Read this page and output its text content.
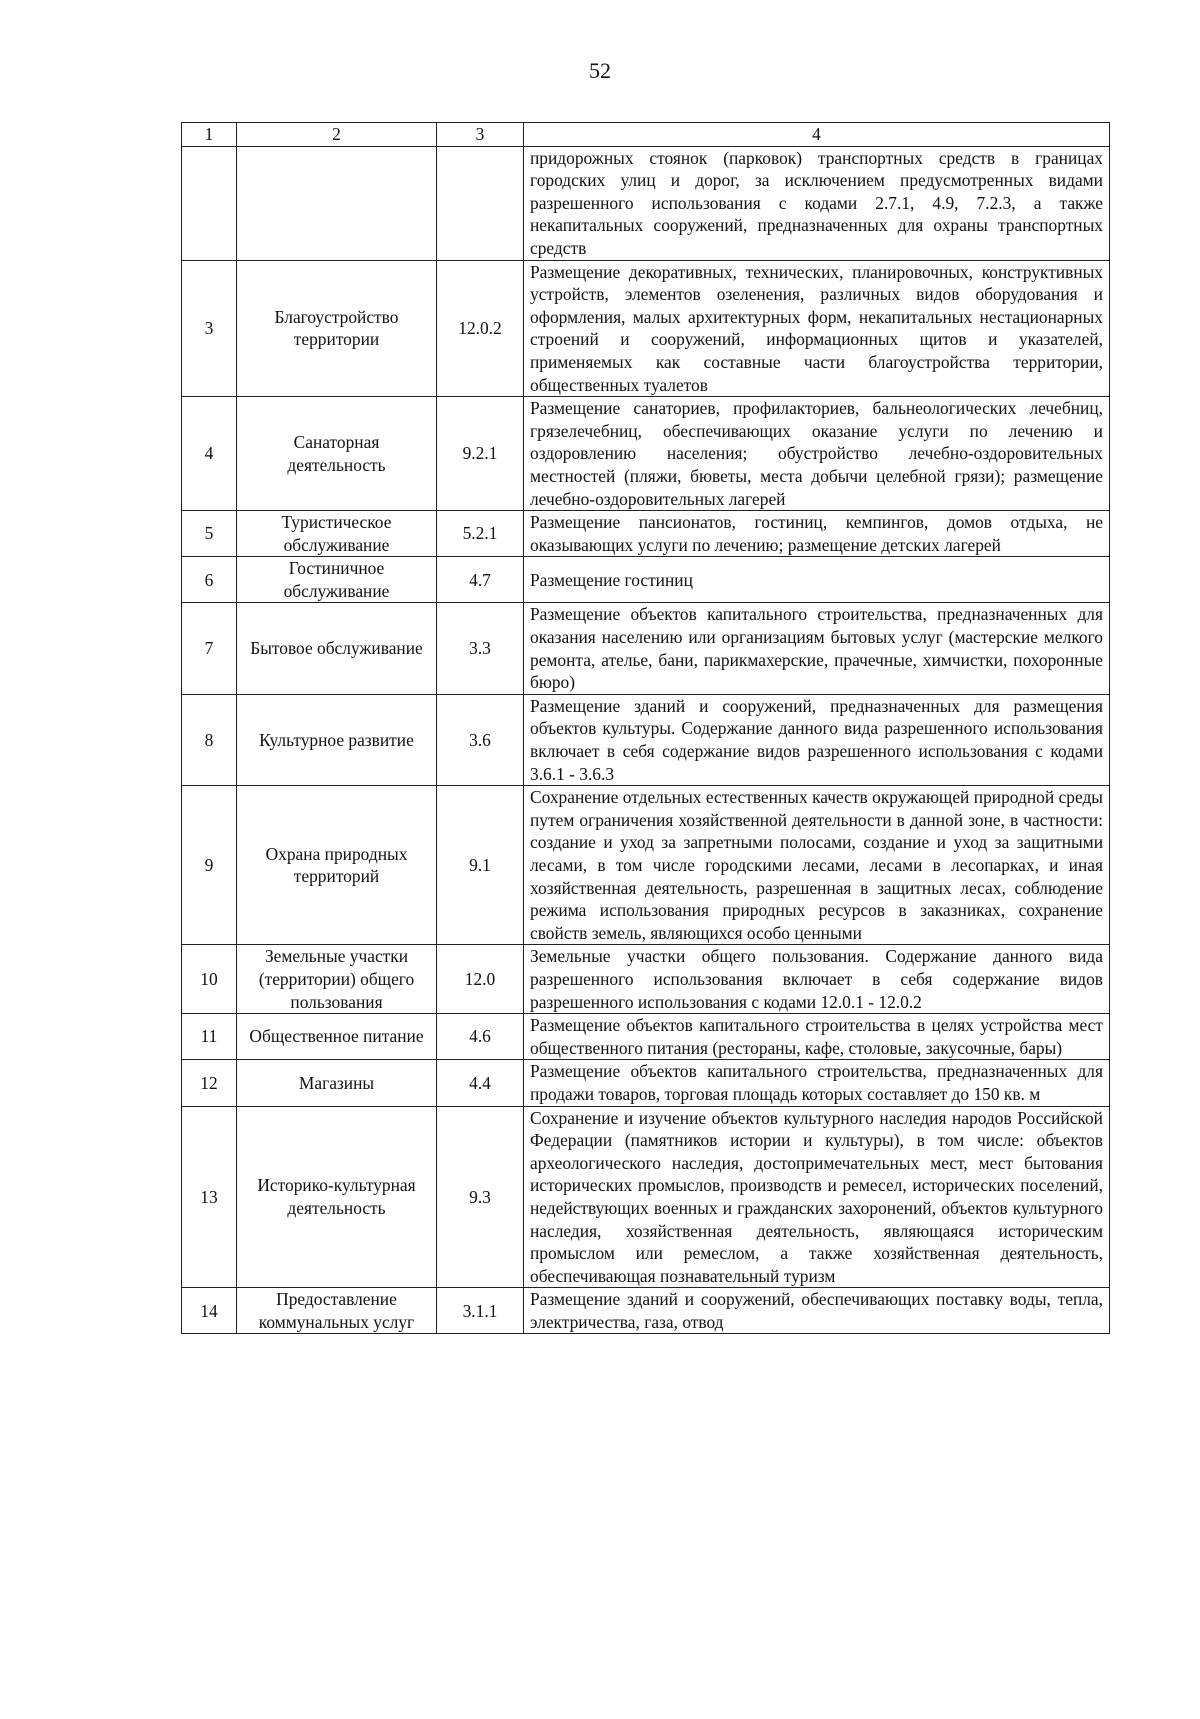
52
1	2	3	4
			придорожных стоянок (парковок) транспортных средств в границах городских улиц и дорог, за исключением предусмотренных видами разрешенного использования с кодами 2.7.1, 4.9, 7.2.3, а также некапитальных сооружений, предназначенных для охраны транспортных средств
3	Благоустройство территории	12.0.2	Размещение декоративных, технических, планировочных, конструктивных устройств, элементов озеленения, различных видов оборудования и оформления, малых архитектурных форм, некапитальных нестационарных строений и сооружений, информационных щитов и указателей, применяемых как составные части благоустройства территории, общественных туалетов
4	Санаторная деятельность	9.2.1	Размещение санаториев, профилакториев, бальнеологических лечебниц, грязелечебниц, обеспечивающих оказание услуги по лечению и оздоровлению населения; обустройство лечебно-оздоровительных местностей (пляжи, бюветы, места добычи целебной грязи); размещение лечебно-оздоровительных лагерей
5	Туристическое обслуживание	5.2.1	Размещение пансионатов, гостиниц, кемпингов, домов отдыха, не оказывающих услуги по лечению; размещение детских лагерей
6	Гостиничное обслуживание	4.7	Размещение гостиниц
7	Бытовое обслуживание	3.3	Размещение объектов капитального строительства, предназначенных для оказания населению или организациям бытовых услуг (мастерские мелкого ремонта, ателье, бани, парикмахерские, прачечные, химчистки, похоронные бюро)
8	Культурное развитие	3.6	Размещение зданий и сооружений, предназначенных для размещения объектов культуры. Содержание данного вида разрешенного использования включает в себя содержание видов разрешенного использования с кодами 3.6.1 - 3.6.3
9	Охрана природных территорий	9.1	Сохранение отдельных естественных качеств окружающей природной среды путем ограничения хозяйственной деятельности в данной зоне, в частности: создание и уход за запретными полосами, создание и уход за защитными лесами, в том числе городскими лесами, лесами в лесопарках, и иная хозяйственная деятельность, разрешенная в защитных лесах, соблюдение режима использования природных ресурсов в заказниках, сохранение свойств земель, являющихся особо ценными
10	Земельные участки (территории) общего пользования	12.0	Земельные участки общего пользования. Содержание данного вида разрешенного использования включает в себя содержание видов разрешенного использования с кодами 12.0.1 - 12.0.2
11	Общественное питание	4.6	Размещение объектов капитального строительства в целях устройства мест общественного питания (рестораны, кафе, столовые, закусочные, бары)
12	Магазины	4.4	Размещение объектов капитального строительства, предназначенных для продажи товаров, торговая площадь которых составляет до 150 кв. м
13	Историко-культурная деятельность	9.3	Сохранение и изучение объектов культурного наследия народов Российской Федерации (памятников истории и культуры), в том числе: объектов археологического наследия, достопримечательных мест, мест бытования исторических промыслов, производств и ремесел, исторических поселений, недействующих военных и гражданских захоронений, объектов культурного наследия, хозяйственная деятельность, являющаяся историческим промыслом или ремеслом, а также хозяйственная деятельность, обеспечивающая познавательный туризм
14	Предоставление коммунальных услуг	3.1.1	Размещение зданий и сооружений, обеспечивающих поставку воды, тепла, электричества, газа, отвод
